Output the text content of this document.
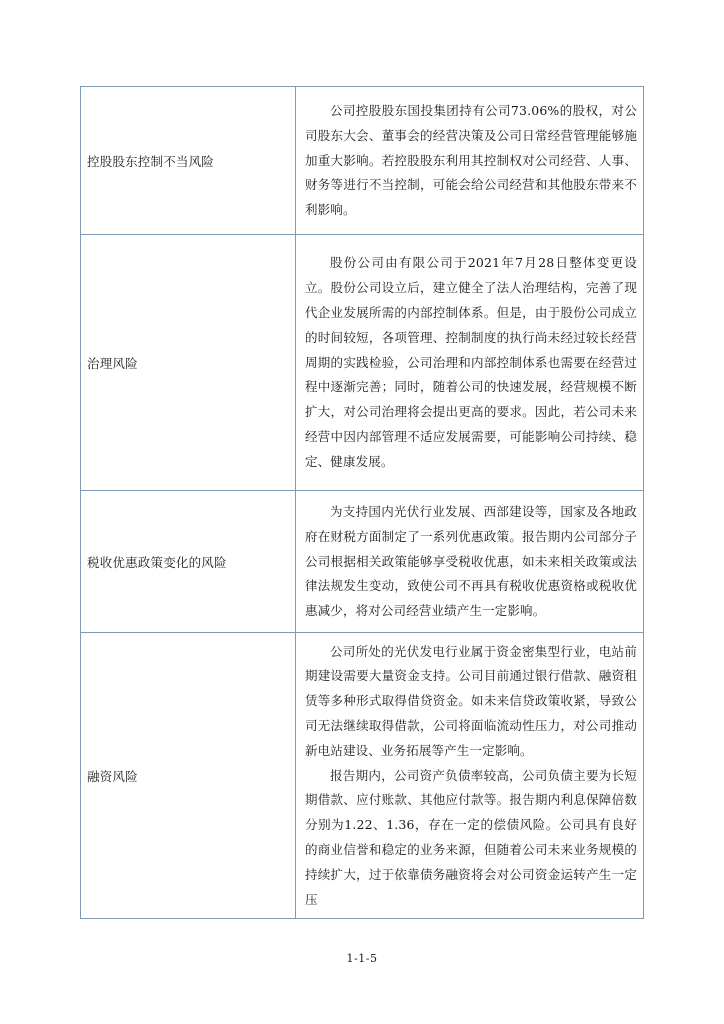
控股股东控制不当风险	公司控股股东国投集团持有公司73.06%的股权，对公司股东大会、董事会的经营决策及公司日常经营管理能够施加重大影响。若控股股东利用其控制权对公司经营、人事、财务等进行不当控制，可能会给公司经营和其他股东带来不利影响。

治理风险	股份公司由有限公司于2021年7月28日整体变更设立。股份公司设立后，建立健全了法人治理结构，完善了现代企业发展所需的内部控制体系。但是，由于股份公司成立的时间较短，各项管理、控制制度的执行尚未经过较长经营周期的实践检验，公司治理和内部控制体系也需要在经营过程中逐渐完善；同时，随着公司的快速发展，经营规模不断扩大，对公司治理将会提出更高的要求。因此，若公司未来经营中因内部管理不适应发展需要，可能影响公司持续、稳定、健康发展。

税收优惠政策变化的风险	为支持国内光伏行业发展、西部建设等，国家及各地政府在财税方面制定了一系列优惠政策。报告期内公司部分子公司根据相关政策能够享受税收优惠，如未来相关政策或法律法规发生变动，致使公司不再具有税收优惠资格或税收优惠减少，将对公司经营业绩产生一定影响。

融资风险	公司所处的光伏发电行业属于资金密集型行业，电站前期建设需要大量资金支持。公司目前通过银行借款、融资租赁等多种形式取得借贷资金。如未来信贷政策收紧，导致公司无法继续取得借款，公司将面临流动性压力，对公司推动新电站建设、业务拓展等产生一定影响。

报告期内，公司资产负债率较高，公司负债主要为长短期借款、应付账款、其他应付款等。报告期内利息保障倍数分别为1.22、1.36，存在一定的偿债风险。公司具有良好的商业信誉和稳定的业务来源，但随着公司未来业务规模的持续扩大，过于依靠债务融资将会对公司资金运转产生一定压

1-1-5
